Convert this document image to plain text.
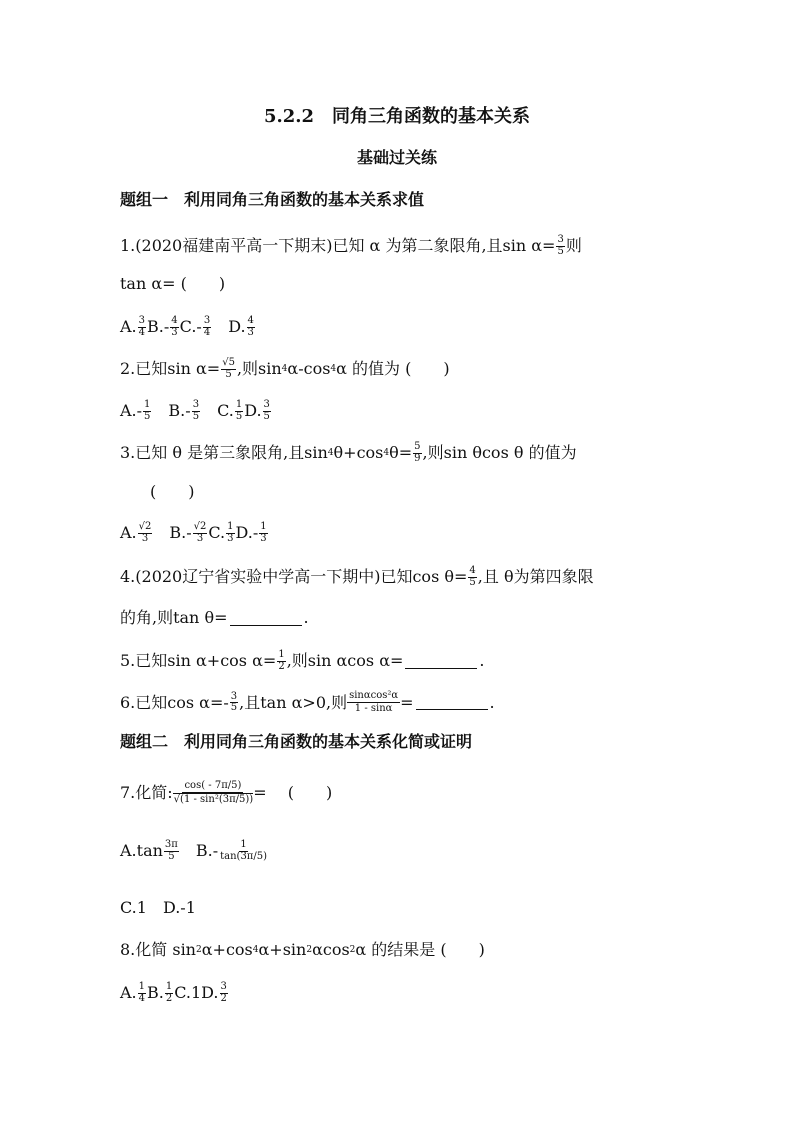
5.2.2　同角三角函数的基本关系
基础过关练
题组一　利用同角三角函数的基本关系求值
1.(2020福建南平高一下期末)已知 α 为第二象限角,且$\sin \alpha= \frac{3}{5}$ 则
tan α= (　　)
A. $\frac{3}{4} B.- \frac{4}{3} C.- \frac{3}{4}$ 　D. $\frac{4}{3}$
2.已知$\sin \alpha= \frac{√5}{5}$ ,则sin 4 α-cos 4 α 的值为 (　　)
$A.- \frac{1}{5}$ 　$B.- \frac{3}{5}$ 　C. $\frac{1}{5} D$. $\frac{3}{5}$
3.已知 θ 是第三象限角,且sin 4 θ+cos 4 $\theta= \frac{5}{9}$ ,则sin θcos θ 的值为
(　　)
A. $\frac{√2}{3}$ 　$B.- \frac{√2}{3} C$. $\frac{1}{3} D.- \frac{1}{3}$
4.(2020辽宁省实验中学高一下期中)已知$\cos \theta= \frac{4}{5}$ ,且 θ为第四象限
的角,则tan θ=	.
5.已知sin α+cos $\alpha= \frac{1}{2}$ ,则sin αcos α=	.
6.已知$\cos \alpha=- \frac{3}{5}$ ,且tan α>0,则 $\frac{\text{sinαcos²α}}{1 - \sin\alpha}$ =	.
题组二　利用同角三角函数的基本关系化简或证明
7.化简: $\frac{\cos( - 7\pi/5)}{\text{√(1 - sin²(3π/5))}}$ =　 (　　)
$A.\tan \frac{3\pi}{5}$ 　$B.- \frac{1}{\tan(3\pi/5)}$
C.1 　D.-1
8.化简 sin 2 α+cos 4 α+sin 2 αcos 2 α 的结果是 (　　)
A. $\frac{1}{4} B$. $\frac{1}{2} C.1$ D. $\frac{3}{2}$
